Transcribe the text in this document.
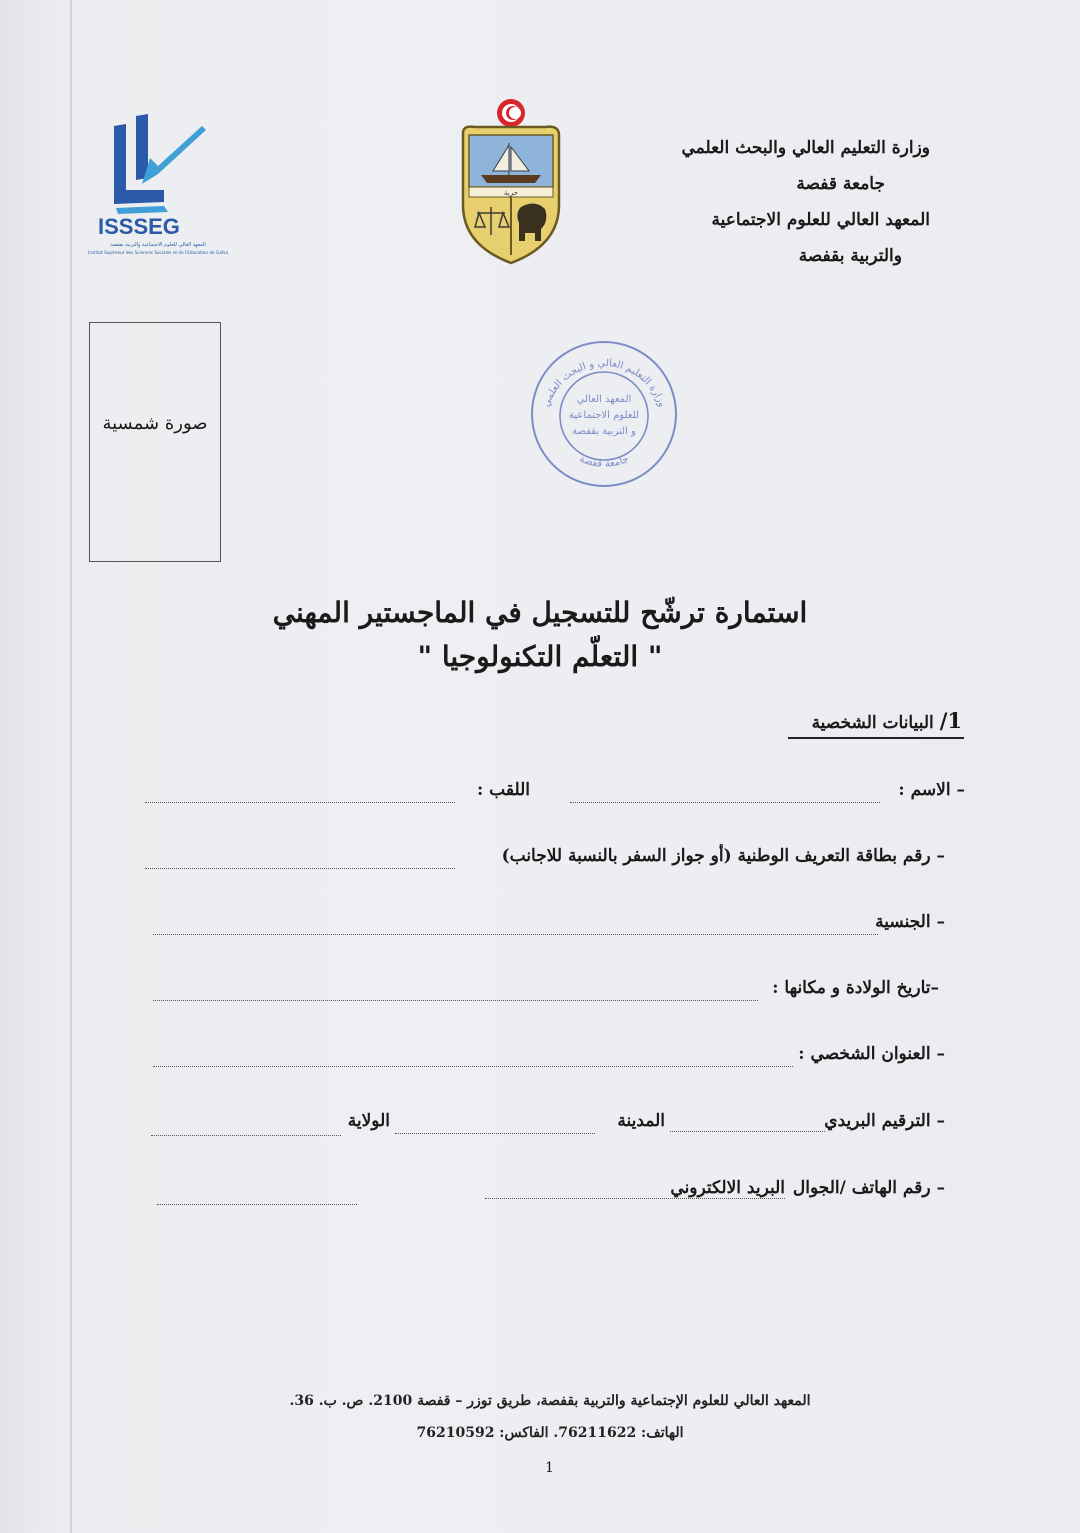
ISSSEG
المعهد العالي للعلوم الاجتماعية والتربية بقفصة
Institut Supérieur des Sciences Sociales et de l'Education de Gafsa
حرية
وزارة التعليم العالي والبحث العلمي
جامعة قفصة
المعهد العالي للعلوم الاجتماعية
والتربية بقفصة
صورة شمسية
وزارة التعليم العالي و البحث العلمي
جامعة قفصة
المعهد العالي
للعلوم الاجتماعية
و التربية بقفصة
استمارة ترشّح للتسجيل في الماجستير المهني
" التعلّم التكنولوجيا "
1/ البيانات الشخصية
– الاسم :
اللقب :
– رقم بطاقة التعريف الوطنية (أو جواز السفر بالنسبة للاجانب)
– الجنسية
–تاريخ الولادة و مكانها :
– العنوان الشخصي :
– الترقيم البريدي
المدينة
الولاية
– رقم الهاتف /الجوال
البريد الالكتروني
المعهد العالي للعلوم الإجتماعية والتربية بقفصة، طريق توزر – قفصة 2100. ص. ب. 36.
الهاتف: 76211622. الفاكس: 76210592
1
